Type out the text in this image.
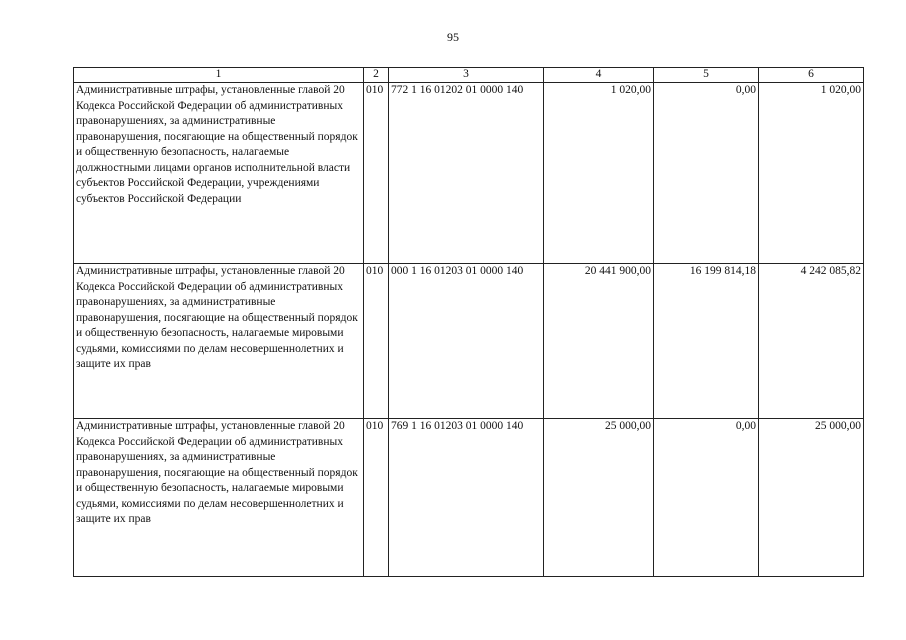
95
1	2	3	4	5	6
Административные штрафы, установленные главой 20 Кодекса Российской Федерации об административных правонарушениях, за административные правонарушения, посягающие на общественный порядок и общественную безопасность, налагаемые должностными лицами органов исполнительной власти субъектов Российской Федерации, учреждениями субъектов Российской Федерации	010	772 1 16 01202 01 0000 140	1 020,00	0,00	1 020,00
Административные штрафы, установленные главой 20 Кодекса Российской Федерации об административных правонарушениях, за административные правонарушения, посягающие на общественный порядок и общественную безопасность, налагаемые мировыми судьями, комиссиями по делам несовершеннолетних и защите их прав	010	000 1 16 01203 01 0000 140	20 441 900,00	16 199 814,18	4 242 085,82
Административные штрафы, установленные главой 20 Кодекса Российской Федерации об административных правонарушениях, за административные правонарушения, посягающие на общественный порядок и общественную безопасность, налагаемые мировыми судьями, комиссиями по делам несовершеннолетних и защите их прав	010	769 1 16 01203 01 0000 140	25 000,00	0,00	25 000,00
